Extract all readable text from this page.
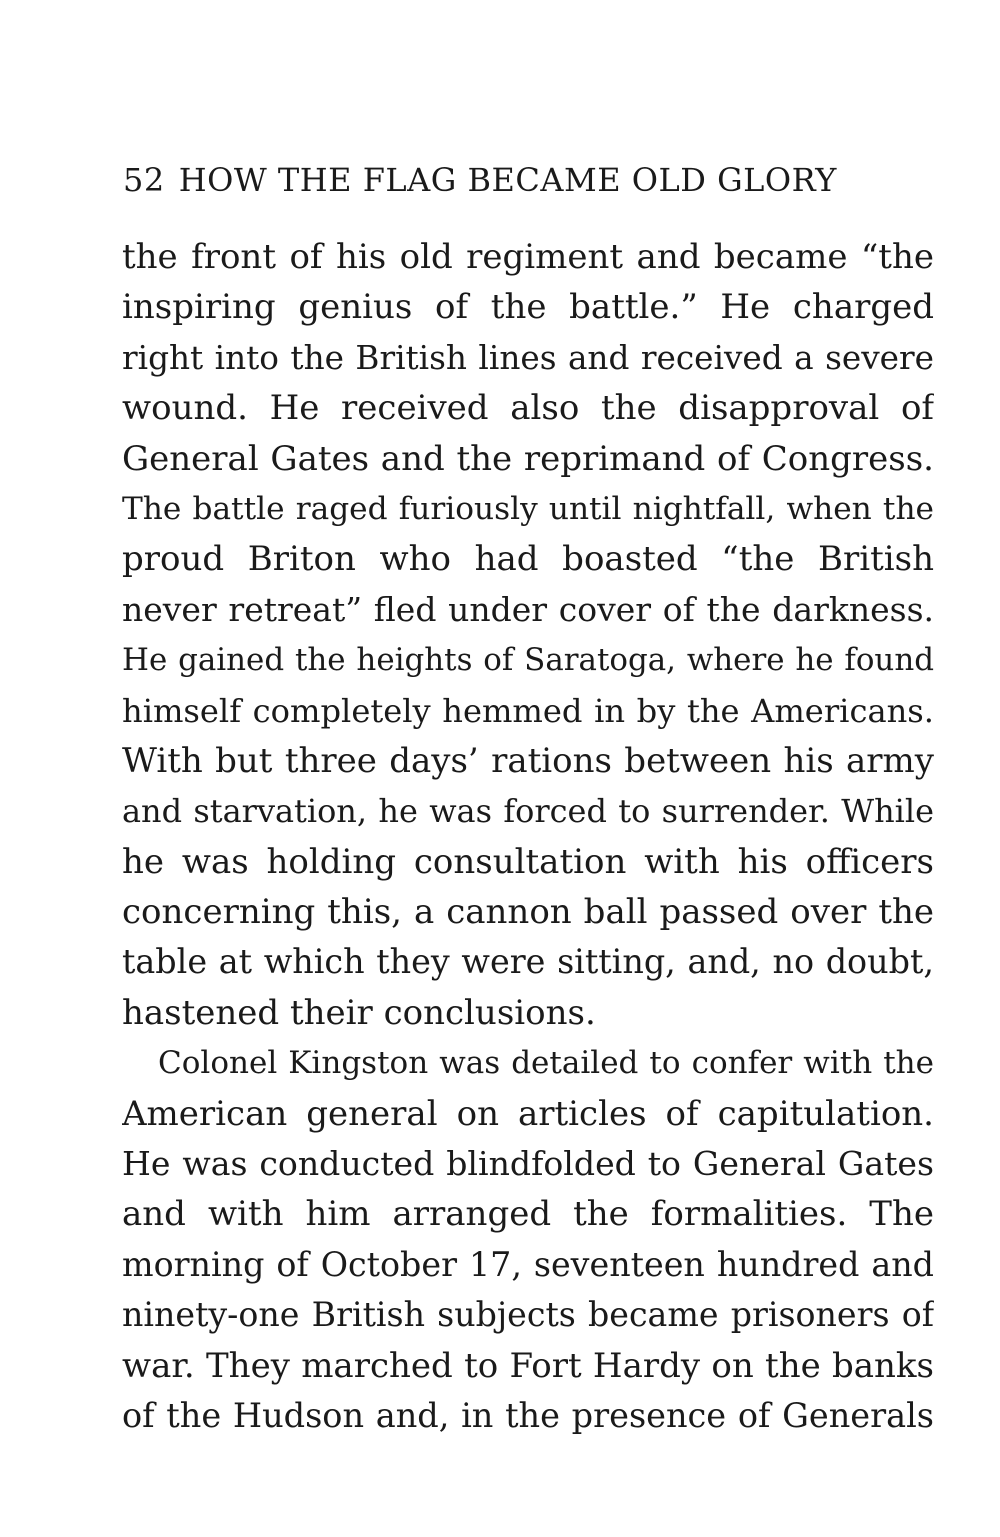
52 HOW THE FLAG BECAME OLD GLORY
the front of his old regiment and became “the
inspiring genius of the battle.” He charged
right into the British lines and received a severe
wound. He received also the disapproval of
General Gates and the reprimand of Congress.
The battle raged furiously until nightfall, when the
proud Briton who had boasted “the British
never retreat” fled under cover of the darkness.
He gained the heights of Saratoga, where he found
himself completely hemmed in by the Americans.
With but three days’ rations between his army
and starvation, he was forced to surrender. While
he was holding consultation with his officers
concerning this, a cannon ball passed over the
table at which they were sitting, and, no doubt,
hastened their conclusions.
Colonel Kingston was detailed to confer with the
American general on articles of capitulation.
He was conducted blindfolded to General Gates
and with him arranged the formalities. The
morning of October 17, seventeen hundred and
ninety-one British subjects became prisoners of
war. They marched to Fort Hardy on the banks
of the Hudson and, in the presence of Generals
